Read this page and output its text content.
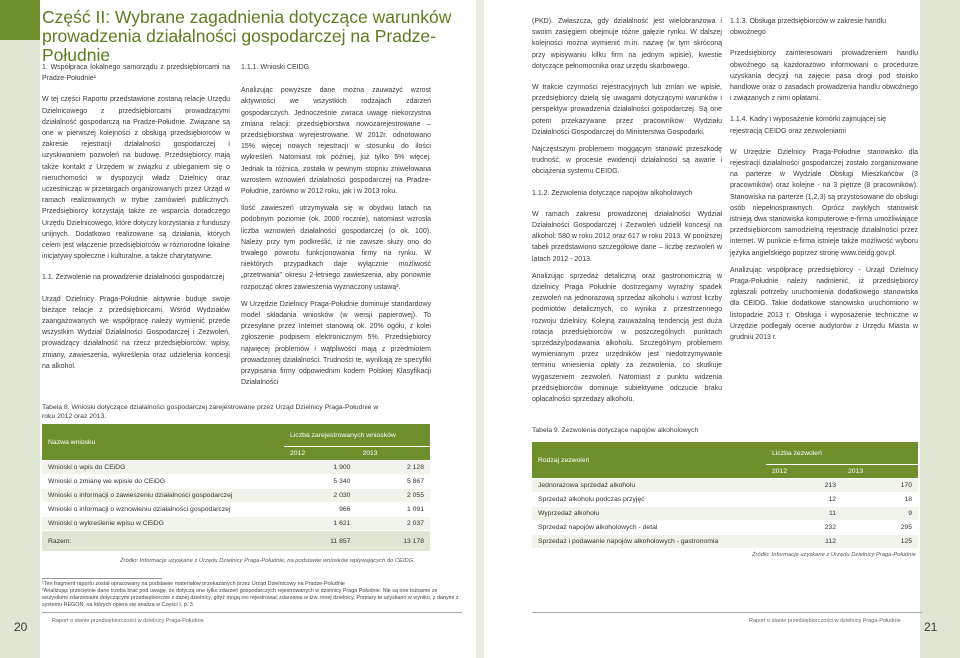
Część II: Wybrane zagadnienia dotyczące warunków
prowadzenia działalności gospodarczej na Pradze-Południe
1. Współpraca lokalnego samorządu z przedsiębiorcami na Pradze-Południe¹

W tej części Raportu przedstawione zostaną relacje Urzędu Dzielnicowego z przedsiębiorcami prowadzącymi działalność gospodarczą na Pradze-Południe. Związane są one w pierwszej kolejności z obsługą przedsiębiorców w zakresie rejestracji działalności gospodarczej i uzyskiwaniem pozwoleń na budowę. Przedsiębiorcy mają także kontakt z Urzędem w związku z ubieganiem się o nieruchomości w dyspozycji władz Dzielnicy oraz uczestnicząc w przetargach organizowanych przez Urząd w ramach realizowanych w trybie zamówień publicznych. Przedsiębiorcy korzystają także ze wsparcia doradczego Urzędu Dzielnicowego, które dotyczy korzystania z funduszy unijnych. Dodatkowo realizowane są działania, których celem jest włączenie przedsiębiorców w różnorodne lokalne inicjatywy społeczne i kulturalne, a także charytatywne.

1.1. Zezwolenie na prowadzenie działalności gospodarczej

Urząd Dzielnicy Praga-Południe aktywnie buduje swoje bieżące relacje z przedsiębiorcami. Wśród Wydziałów zaangażowanych we współpracę należy wymienić przede wszystkim Wydział Działalności Gospodarczej i Zezwoleń, prowadzący działalność na rzecz przedsiębiorców: wpisy, zmiany, zawieszenia, wykreślenia oraz udzielenia koncesji na alkohol.

1.1.1. Wnioski CEIDG

Analizując powyższe dane można zauważyć wzrost aktywności we wszystkich rodzajach zdarzeń gospodarczych. Jednocześnie zwraca uwagę niekorzystna zmiana relacji: przedsiębiorstwa nowozarejestrowane – przedsiębiorstwa wyrejestrowane. W 2012r. odnotowano 15% więcej nowych rejestracji w stosunku do ilości wykreśleń. Natomiast rok później, już tylko 5% więcej. Jednak ta różnica, została w pewnym stopniu zniwelowana wzrostem wznowień działalności gospodarczej na Pradze-Południe, zarówno w 2012 roku, jak i w 2013 roku.

Ilość zawieszeń utrzymywała się w obydwu latach na podobnym poziomie (ok. 2000 rocznie), natomiast wzrosła liczba wznowień działalności gospodarczej (o ok. 100). Należy przy tym podkreślić, iż nie zawsze służy ono do trwałego powrotu funkcjonowania firmy na rynku. W niektórych przypadkach daje wyłącznie możliwość „przetrwania" okresu 2-letniego zawieszenia, aby ponownie rozpocząć okres zawieszenia wyznaczony ustawą².

W Urzędzie Dzielnicy Praga-Południe dominuje standardowy model składania wniosków (w wersji papierowej). To przesyłane przez Internet stanowią ok. 20% ogółu, z kolei zgłoszenie podpisem elektronicznym 5%. Przedsiębiorcy najwięcej problemów i wątpliwości mają z przedmiotem prowadzonej działalności. Trudności te, wynikają ze specyfiki przypisania firmy odpowiednim kodem Polskiej Klasyfikacji Działalności

Tabela 8. Wnioski dotyczące działalności gospodarczej zarejestrowane przez Urząd Dzielnicy Praga-Południe w roku 2012 oraz 2013.
Nazwa wniosku	Liczba zarejestrowanych wniosków	
	2012	2013
Wnioski o wpis do CEiDG	1 900	2 128
Wnioski o zmianę we wpisie do CEiDG	5 340	5 867
Wnioski o informacji o zawieszeniu działalności gospodarczej	2 030	2 055
Wnioski o informacji o wznowieniu działalności gospodarczej	966	1 091
Wnioski o wykreślenie wpisu w CEiDG	1 621	2 037
Razem:	11 857	13 178
Źródło: Informacje uzyskane z Urzędu Dzielnicy Praga-Południe, na podstawie wniosków wpływających do CEIDG.
¹Ten fragment raportu został opracowany na podstawie materiałów przekazanych przez Urząd Dzielnicowy na Pradze-Południe
²Analizując przeciętnie dane trzeba brać pod uwagę, że dotyczą one tylko zdarzeń gospodarczych rejestrowanych w dzielnicy Praga Południe. Nie są one tożsame ze wszystkimi zdarzeniami dotyczącymi przedsiębiorców z danej dzielnicy, gdyż mogą oni rejestrować zdarzenia w tzw. innej dzielnicy. Pomiary te uzyskano w wyniku, z danymi z systemu REGON, na których opiera się analiza w Części I, p. 3.
20	Raport o stanie przedsiębiorczości w dzielnicy Praga-Południe

(PKD). Zwłaszcza, gdy działalność jest wielobranżowa i swoim zasięgiem obejmuje różne gałęzie rynku. W dalszej kolejności można wymienić m.in. nazwę (w tym skróconą przy wpisywaniu kilku firm na jednym wpisie), kwestie dotyczące pełnomocnika oraz urzędu skarbowego.

W trakcie czynności rejestracyjnych lub zmian we wpisie, przedsiębiorcy dzielą się uwagami dotyczącymi warunków i perspektyw prowadzenia działalności gospodarczej. Są one potem przekazywane przez pracowników Wydziału Działalności Gospodarczej do Ministerstwa Gospodarki.

Najczęstszym problemem moggącym stanowić przeszkodę trudność, w procesie ewidencji działalności są awarie i obciążenia systemu CEIDG.

1.1.2. Zezwolenia dotyczące napojów alkoholowych

W ramach zakresu prowadzonej działalności Wydział Działalności Gospodarczej i Zezwoleń udzielił koncesji na alkohol: 580 w roku 2012 oraz 617 w roku 2013. W poniższej tabeli przedstawiono szczegółowe dane – liczbę zezwoleń w latach 2012 - 2013.

Analizując sprzedaż detaliczną oraz gastronomiczną w dzielnicy Praga Południe dostrzegamy wyraźny spadek zezwoleń na jednorazową sprzedaż alkoholu i wzrost liczby podmiotów detalicznych, co wynika z przestrzennego rozwoju dzielnicy. Kolejną zauważalną tendencją jest duża rotacja przedsiębiorców w poszczególnych punktach sprzedaży/podawania alkoholu. Szczególnym problemem wymienianym przez urzędników jest niedotrzymywanie terminu wniesienia opłaty za zezwolenia, co skutkuje wygaszeniem zezwoleń. Natomiast z punktu widzenia przedsiębiorców dominuje subiektywne odczucie braku opłacalności sprzedaży alkoholu.

1.1.3. Obsługa przedsiębiorców w zakresie handlu obwoźnego

Przedsiębiorcy zainteresowani prowadzeniem handlu obwoźnego są każdorazowo informowani o procedurze uzyskania decyzji na zajęcie pasa drogi pod stoisko handlowe oraz o zasadach prowadzenia handlu obwoźnego i związanych z nimi opłatami.

1.1.4. Kadry i wyposażenie komórki zajmującej się rejestracją CEIDG oraz zezwoleniami

W Urzędzie Dzielnicy Praga-Południe stanowisko dla rejestracji działalności gospodarczej zostało zorganizowane na parterze w Wydziale Obsługi Mieszkańców (3 pracowników) oraz kolejne - na 3 piętrze (8 pracowników). Stanowiska na parterze (1,2,3) są przystosowane do obsługi osób niepełnosprawnych. Oprócz zwykłych stanowisk istnieją dwa stanowiska komputerowe e-firma umożliwiające przedsiębiorcom samodzielną rejestrację działalności przez internet. W punkcie e-firma istnieje także możliwość wyboru języka angielskiego poprzez stronę www.ceidg.gov.pl.

Analizując współpracę przedsiębiorcy - Urząd Dzielnicy Praga-Południe należy nadmienić, iż przedsiębiorcy zgłaszali potrzeby uruchomienia dodatkowego stanowiska dla CEIDG. Takie dodatkowe stanowisko uruchomiono w listopadzie 2013 r. Obsługa i wyposażenie techniczne w Urzędzie podlegały ocenie audytorów z Urzędu Miasta w grudniu 2013 r.

Tabela 9. Zezwolenia dotyczące napojów alkoholowych
Rodzaj zezwoleń	Liczba zezwoleń	
	2012	2013
Jednorazowa sprzedaż alkoholu	213	170
Sprzedaż alkoholu podczas przyjęć	12	18
Wyprzedaż alkoholu	11	9
Sprzedaż napojów alkoholowych - detal	232	295
Sprzedaż i podawanie napojów alkoholowych - gastronomia	112	125
Źródło: Informacje uzyskane z Urzędu Dzielnicy Praga-Południe
21
Raport o stanie przedsiębiorczości w dzielnicy Praga-Południe
